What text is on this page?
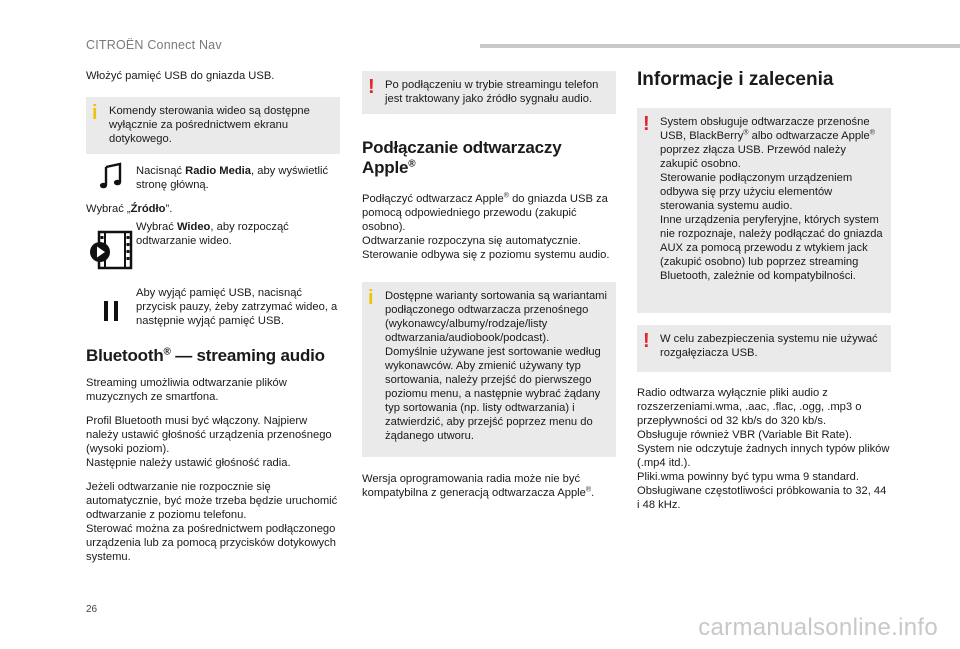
CITROËN Connect Nav

Włożyć pamięć USB do gniazda USB.

i	Komendy sterowania wideo są dostępne wyłącznie za pośrednictwem ekranu dotykowego.

Nacisnąć Radio Media, aby wyświetlić stronę główną.

Wybrać „Źródło”.

Wybrać Wideo, aby rozpocząć odtwarzanie wideo.

Aby wyjąć pamięć USB, nacisnąć przycisk pauzy, żeby zatrzymać wideo, a następnie wyjąć pamięć USB.

Bluetooth® — streaming audio

Streaming umożliwia odtwarzanie plików muzycznych ze smartfona.

Profil Bluetooth musi być włączony. Najpierw należy ustawić głośność urządzenia przenośnego (wysoki poziom).

Następnie należy ustawić głośność radia.

Jeżeli odtwarzanie nie rozpocznie się automatycznie, być może trzeba będzie uruchomić odtwarzanie z poziomu telefonu.

Sterować można za pośrednictwem podłączonego urządzenia lub za pomocą przycisków dotykowych systemu.

! Po podłączeniu w trybie streamingu telefon jest traktowany jako źródło sygnału audio.

Podłączanie odtwarzaczy Apple®

Podłączyć odtwarzacz Apple® do gniazda USB za pomocą odpowiedniego przewodu (zakupić osobno).

Odtwarzanie rozpoczyna się automatycznie.

Sterowanie odbywa się z poziomu systemu audio.

i Dostępne warianty sortowania są wariantami podłączonego odtwarzacza przenośnego (wykonawcy/albumy/rodzaje/listy odtwarzania/audiobook/podcast).

Domyślnie używane jest sortowanie według wykonawców. Aby zmienić używany typ sortowania, należy przejść do pierwszego poziomu menu, a następnie wybrać żądany typ sortowania (np. listy odtwarzania) i zatwierdzić, aby przejść poprzez menu do żądanego utworu.

Wersja oprogramowania radia może nie być kompatybilna z generacją odtwarzacza Apple®.

Informacje i zalecenia

! System obsługuje odtwarzacze przenośne USB, BlackBerry® albo odtwarzacze Apple® poprzez złącza USB. Przewód należy zakupić osobno.

Sterowanie podłączonym urządzeniem odbywa się przy użyciu elementów sterowania systemu audio.

Inne urządzenia peryferyjne, których system nie rozpoznaje, należy podłączać do gniazda AUX za pomocą przewodu z wtykiem jack (zakupić osobno) lub poprzez streaming Bluetooth, zależnie od kompatybilności.

! W celu zabezpieczenia systemu nie używać rozgałęziacza USB.

Radio odtwarza wyłącznie pliki audio z rozszerzeniami.wma, .aac, .flac, .ogg, .mp3 o przepływności od 32 kb/s do 320 kb/s.

Obsługuje również VBR (Variable Bit Rate).

System nie odczytuje żadnych innych typów plików (.mp4 itd.).

Pliki.wma powinny być typu wma 9 standard.

Obsługiwane częstotliwości próbkowania to 32, 44 i 48 kHz.

26
carmanualsonline.info
